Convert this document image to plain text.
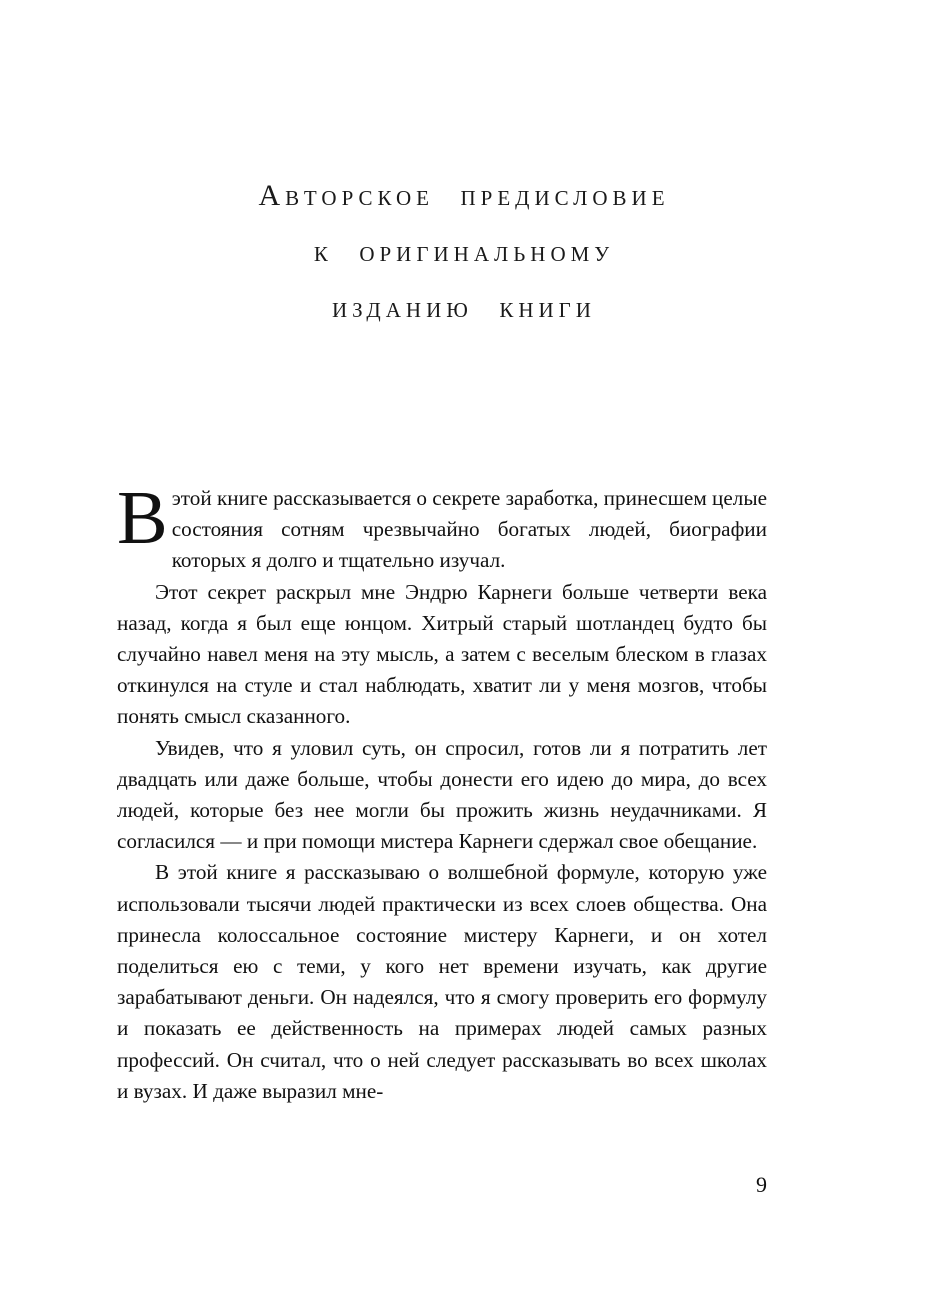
Авторское предисловие
к оригинальному
изданию книги

В этой книге рассказывается о секрете заработка, принесшем целые состояния сотням чрезвычайно богатых людей, биографии которых я долго и тщательно изучал.

Этот секрет раскрыл мне Эндрю Карнеги больше четверти века назад, когда я был еще юнцом. Хитрый старый шотландец будто бы случайно навел меня на эту мысль, а затем с веселым блеском в глазах откинулся на стуле и стал наблюдать, хватит ли у меня мозгов, чтобы понять смысл сказанного.

Увидев, что я уловил суть, он спросил, готов ли я потратить лет двадцать или даже больше, чтобы донести его идею до мира, до всех людей, которые без нее могли бы прожить жизнь неудачниками. Я согласился — и при помощи мистера Карнеги сдержал свое обещание.

В этой книге я рассказываю о волшебной формуле, которую уже использовали тысячи людей практически из всех слоев общества. Она принесла колоссальное состояние мистеру Карнеги, и он хотел поделиться ею с теми, у кого нет времени изучать, как другие зарабатывают деньги. Он надеялся, что я смогу проверить его формулу и показать ее действенность на примерах людей самых разных профессий. Он считал, что о ней следует рассказывать во всех школах и вузах. И даже выразил мне-

9
